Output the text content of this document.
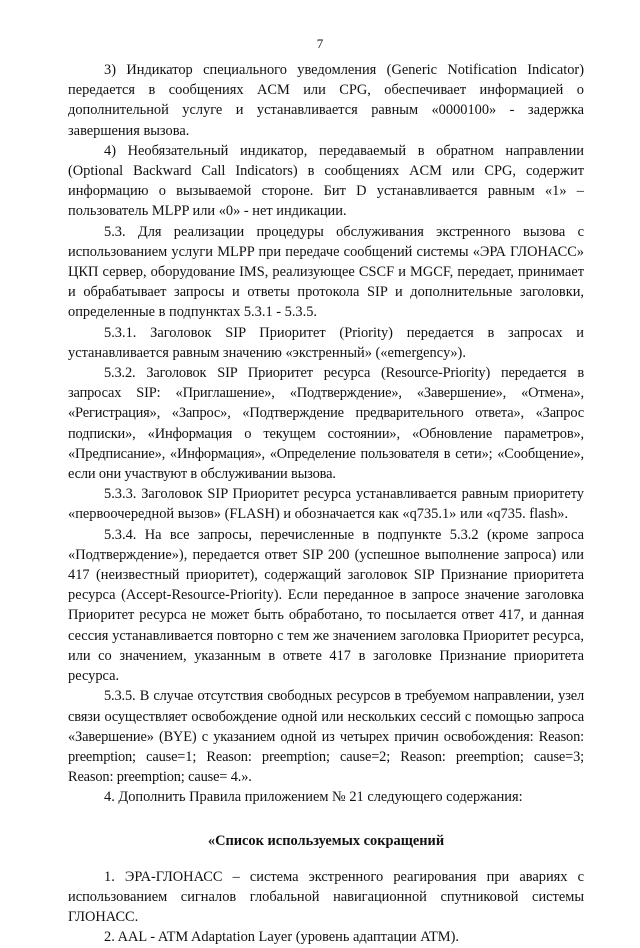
7

3) Индикатор специального уведомления (Generic Notification Indicator) передается в сообщениях ACM или CPG, обеспечивает информацией о дополнительной услуге и устанавливается равным «0000100» - задержка завершения вызова.

4) Необязательный индикатор, передаваемый в обратном направлении (Optional Backward Call Indicators) в сообщениях ACM или CPG, содержит информацию о вызываемой стороне. Бит D устанавливается равным «1» – пользователь MLPP или «0» - нет индикации.

5.3. Для реализации процедуры обслуживания экстренного вызова с использованием услуги MLPP при передаче сообщений системы «ЭРА ГЛОНАСС» ЦКП сервер, оборудование IMS, реализующее CSCF и MGCF, передает, принимает и обрабатывает запросы и ответы протокола SIP и дополнительные заголовки, определенные в подпунктах 5.3.1 - 5.3.5.

5.3.1. Заголовок SIP Приоритет (Priority) передается в запросах и устанавливается равным значению «экстренный» («emergency»).

5.3.2. Заголовок SIP Приоритет ресурса (Resource-Priority) передается в запросах SIP: «Приглашение», «Подтверждение», «Завершение», «Отмена», «Регистрация», «Запрос», «Подтверждение предварительного ответа», «Запрос подписки», «Информация о текущем состоянии», «Обновление параметров», «Предписание», «Информация», «Определение пользователя в сети»; «Сообщение», если они участвуют в обслуживании вызова.

5.3.3. Заголовок SIP Приоритет ресурса устанавливается равным приоритету «первоочередной вызов» (FLASH) и обозначается как «q735.1» или «q735. flash».

5.3.4. На все запросы, перечисленные в подпункте 5.3.2 (кроме запроса «Подтверждение»), передается ответ SIP 200 (успешное выполнение запроса) или 417 (неизвестный приоритет), содержащий заголовок SIP Признание приоритета ресурса (Accept-Resource-Priority). Если переданное в запросе значение заголовка Приоритет ресурса не может быть обработано, то посылается ответ 417, и данная сессия устанавливается повторно с тем же значением заголовка Приоритет ресурса, или со значением, указанным в ответе 417 в заголовке Признание приоритета ресурса.

5.3.5. В случае отсутствия свободных ресурсов в требуемом направлении, узел связи осуществляет освобождение одной или нескольких сессий с помощью запроса «Завершение» (BYE) с указанием одной из четырех причин освобождения: Reason: preemption; cause=1; Reason: preemption; cause=2; Reason: preemption; cause=3; Reason: preemption; cause= 4.».

4. Дополнить Правила приложением № 21 следующего содержания:

«Список используемых сокращений

1. ЭРА-ГЛОНАСС – система экстренного реагирования при авариях с использованием сигналов глобальной навигационной спутниковой системы ГЛОНАСС.

2. AAL - ATM Adaptation Layer (уровень адаптации ATM).
